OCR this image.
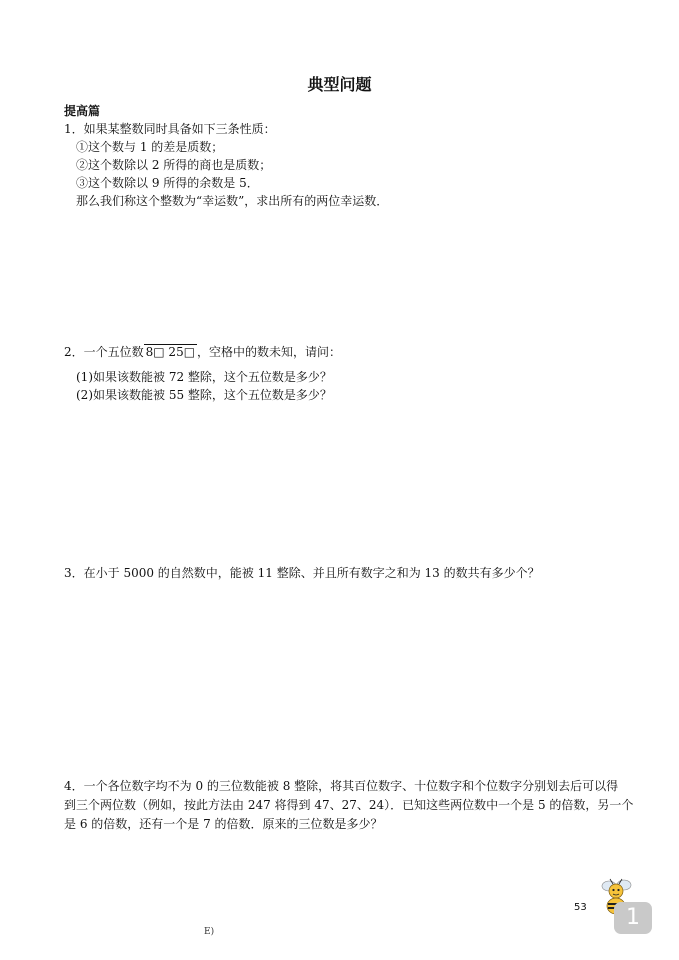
典型问题
提高篇
1．如果某整数同时具备如下三条性质：
①这个数与 1 的差是质数；
②这个数除以 2 所得的商也是质数；
③这个数除以 9 所得的余数是 5．
那么我们称这个整数为“幸运数”，求出所有的两位幸运数．
2．一个五位数 8□ 25□ ，空格中的数未知，请问：
(1)如果该数能被 72 整除，这个五位数是多少？
(2)如果该数能被 55 整除，这个五位数是多少？
3．在小于 5000 的自然数中，能被 11 整除、并且所有数字之和为 13 的数共有多少个？
4．一个各位数字均不为 0 的三位数能被 8 整除，将其百位数字、十位数字和个位数字分别划去后可以得
到三个两位数（例如，按此方法由 247 将得到 47、27、24）．已知这些两位数中一个是 5 的倍数，另一个
是 6 的倍数，还有一个是 7 的倍数．原来的三位数是多少？
53
E)
1
